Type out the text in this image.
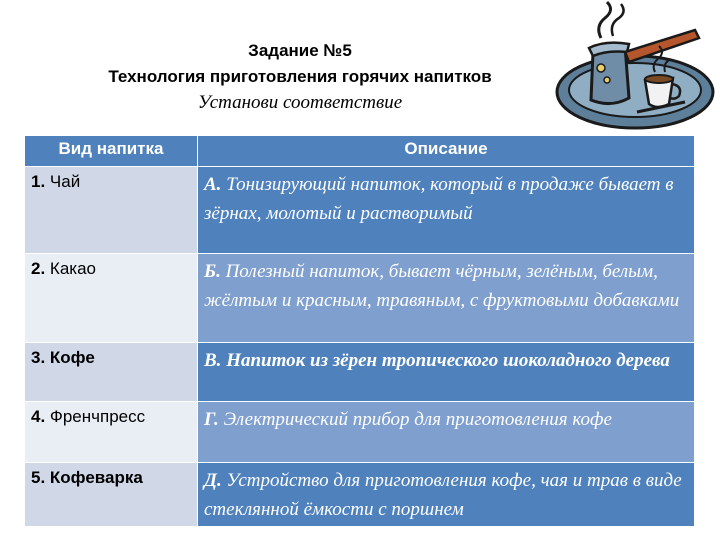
Задание №5
Технология приготовления горячих напитков
Установи соответствие
Вид напитка	Описание
1. Чай	А. Тонизирующий напиток, который в продаже бывает в зёрнах, молотый и растворимый
2. Какао	Б. Полезный напиток, бывает чёрным, зелёным, белым, жёлтым и красным, травяным, с фруктовыми добавками
3. Кофе	В. Напиток из зёрен тропического шоколадного дерева
4. Френчпресс	Г. Электрический прибор для приготовления кофе
5. Кофеварка	Д. Устройство для приготовления кофе, чая и трав в виде стеклянной ёмкости с поршнем
